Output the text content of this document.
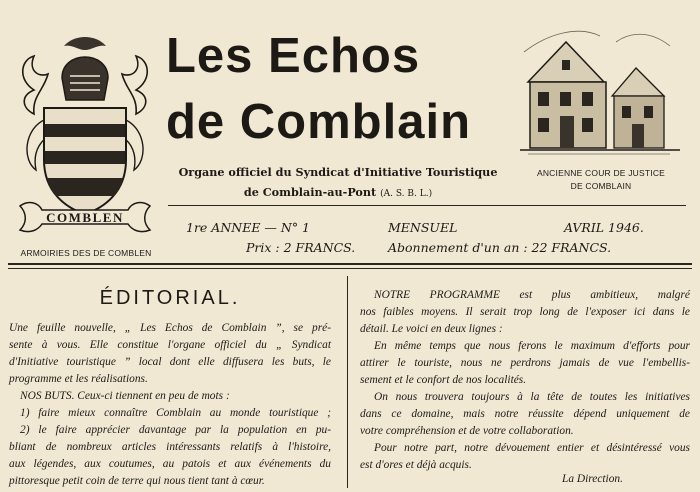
COMBLEN
ARMOIRIES DES DE COMBLEN
Les Echos
de Comblain
Organe officiel du Syndicat d'Initiative Touristique
de Comblain-au-Pont (A. S. B. L.)
ANCIENNE COUR DE JUSTICE
DE COMBLAIN
1re ANNEE — N° 1
Prix : 2 FRANCS.
MENSUEL
Abonnement d'un an : 22 FRANCS.
AVRIL 1946.
ÉDITORIAL.
Une feuille nouvelle, „ Les Echos de Comblain ”, se pré-
sente à vous. Elle constitue l'organe officiel du „ Syndicat
d'Initiative touristique ” local dont elle diffusera les buts, le
programme et les réalisations.
NOS BUTS. Ceux-ci tiennent en peu de mots :
1) faire mieux connaître Comblain au monde touristique ;
2) le faire apprécier davantage par la population en pu-
bliant de nombreux articles intéressants relatifs à l'histoire,
aux légendes, aux coutumes, au patois et aux événements du
pittoresque petit coin de terre qui nous tient tant à cœur.
NOTRE PROGRAMME est plus ambitieux, malgré
nos faibles moyens. Il serait trop long de l'exposer ici dans le
détail. Le voici en deux lignes :
En même temps que nous ferons le maximum d'efforts pour
attirer le touriste, nous ne perdrons jamais de vue l'embellis-
sement et le confort de nos localités.
On nous trouvera toujours à la tête de toutes les initiatives
dans ce domaine, mais notre réussite dépend uniquement de
votre compréhension et de votre collaboration.
Pour notre part, notre dévouement entier et désintéressé vous
est d'ores et déjà acquis.
La Direction.
